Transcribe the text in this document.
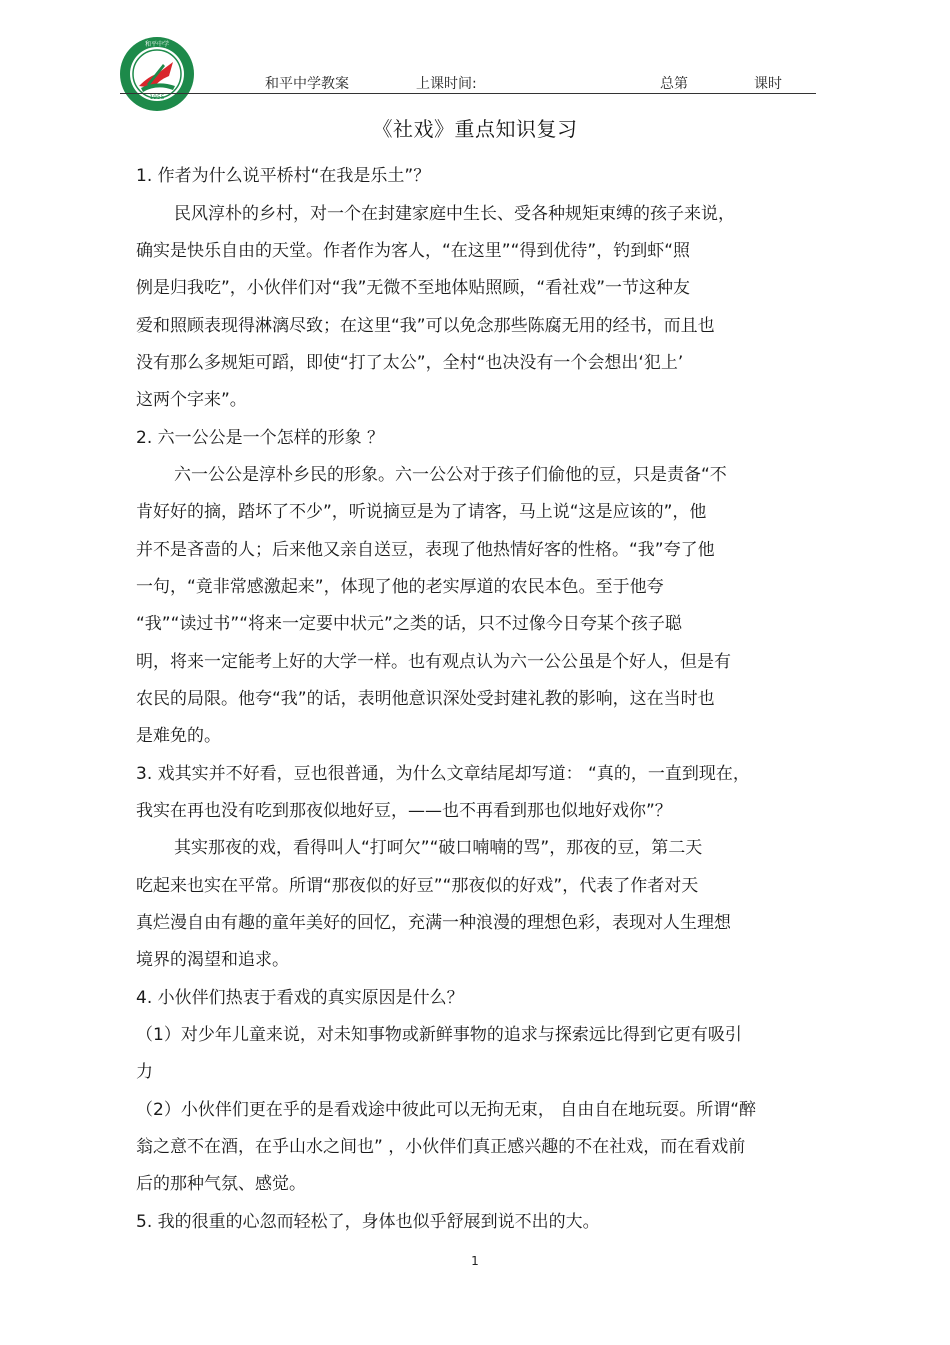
1955
和平中学
和平中学教案	上课时间:	总第	课时
《社戏》重点知识复习
1. 作者为什么说平桥村“在我是乐土”？
民风淳朴的乡村，对一个在封建家庭中生长、受各种规矩束缚的孩子来说，
确实是快乐自由的天堂。作者作为客人，“在这里”“得到优待”，钓到虾“照
例是归我吃”，小伙伴们对“我”无微不至地体贴照顾，“看社戏”一节这种友
爱和照顾表现得淋漓尽致；在这里“我”可以免念那些陈腐无用的经书，而且也
没有那么多规矩可蹈，即使“打了太公”，全村“也决没有一个会想出‘犯上’
这两个字来”。
2. 六一公公是一个怎样的形象 ？
六一公公是淳朴乡民的形象。六一公公对于孩子们偷他的豆，只是责备“不
肯好好的摘，踏坏了不少”，听说摘豆是为了请客，马上说“这是应该的”，他
并不是吝啬的人；后来他又亲自送豆，表现了他热情好客的性格。“我”夸了他
一句，“竟非常感激起来”，体现了他的老实厚道的农民本色。至于他夸
“我”“读过书”“将来一定要中状元”之类的话，只不过像今日夸某个孩子聪
明，将来一定能考上好的大学一样。也有观点认为六一公公虽是个好人，但是有
农民的局限。他夸“我”的话，表明他意识深处受封建礼教的影响，这在当时也
是难免的。
3. 戏其实并不好看，豆也很普通，为什么文章结尾却写道： “真的，一直到现在，
我实在再也没有吃到那夜似地好豆，——也不再看到那也似地好戏你”？
其实那夜的戏，看得叫人“打呵欠”“破口喃喃的骂”，那夜的豆，第二天
吃起来也实在平常。所谓“那夜似的好豆”“那夜似的好戏”，代表了作者对天
真烂漫自由有趣的童年美好的回忆，充满一种浪漫的理想色彩，表现对人生理想
境界的渴望和追求。
4. 小伙伴们热衷于看戏的真实原因是什么？
（1）对少年儿童来说，对未知事物或新鲜事物的追求与探索远比得到它更有吸引
力
（2）小伙伴们更在乎的是看戏途中彼此可以无拘无束， 自由自在地玩耍。所谓“醉
翁之意不在酒，在乎山水之间也” ，小伙伴们真正感兴趣的不在社戏，而在看戏前
后的那种气氛、感觉。
5. 我的很重的心忽而轻松了，身体也似乎舒展到说不出的大。
1
